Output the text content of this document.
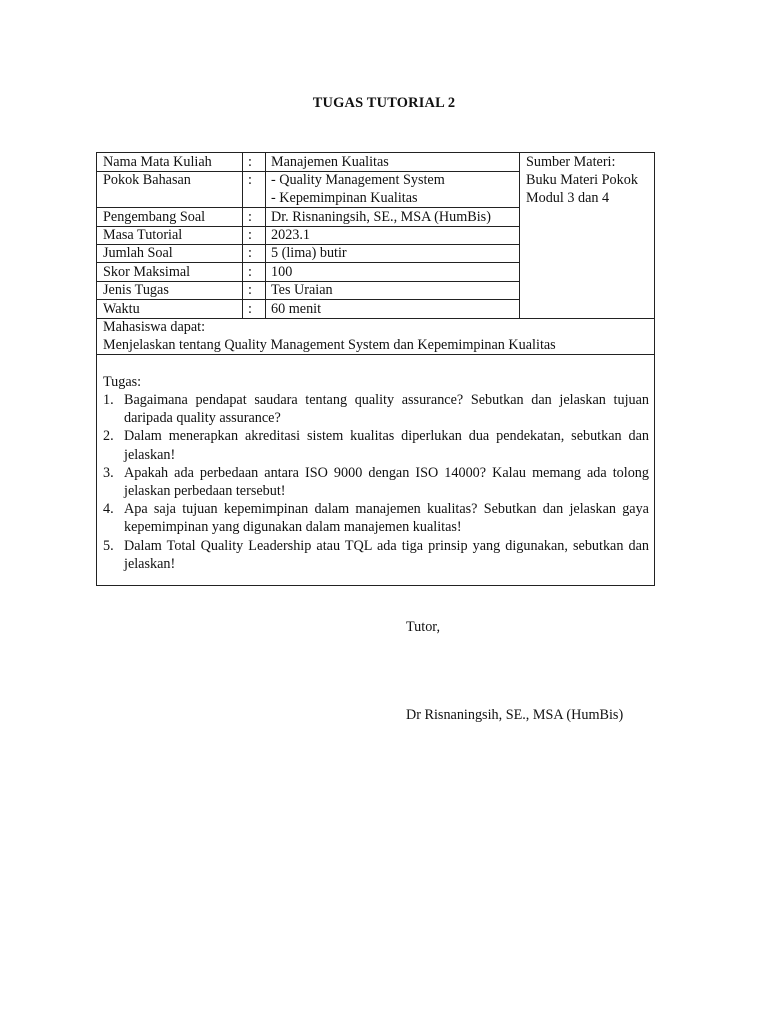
TUGAS TUTORIAL 2
Nama Mata Kuliah	: Manajemen Kualitas
Pokok Bahasan	: - Quality Management System
- Kepemimpinan Kualitas
Pengembang Soal	: Dr. Risnaningsih, SE., MSA (HumBis)
Masa Tutorial	: 2023.1
Jumlah Soal	: 5 (lima) butir
Skor Maksimal	: 100
Jenis Tugas	: Tes Uraian
Waktu	: 60 menit
Sumber Materi:
Buku Materi Pokok
Modul 3 dan 4
Mahasiswa dapat:
Menjelaskan tentang Quality Management System dan Kepemimpinan Kualitas
Tugas:
1. Bagaimana pendapat saudara tentang quality assurance? Sebutkan dan jelaskan tujuan daripada quality assurance?
2. Dalam menerapkan akreditasi sistem kualitas diperlukan dua pendekatan, sebutkan dan jelaskan!
3. Apakah ada perbedaan antara ISO 9000 dengan ISO 14000? Kalau memang ada tolong jelaskan perbedaan tersebut!
4. Apa saja tujuan kepemimpinan dalam manajemen kualitas? Sebutkan dan jelaskan gaya kepemimpinan yang digunakan dalam manajemen kualitas!
5. Dalam Total Quality Leadership atau TQL ada tiga prinsip yang digunakan, sebutkan dan jelaskan!
Tutor,
Dr Risnaningsih, SE., MSA (HumBis)
